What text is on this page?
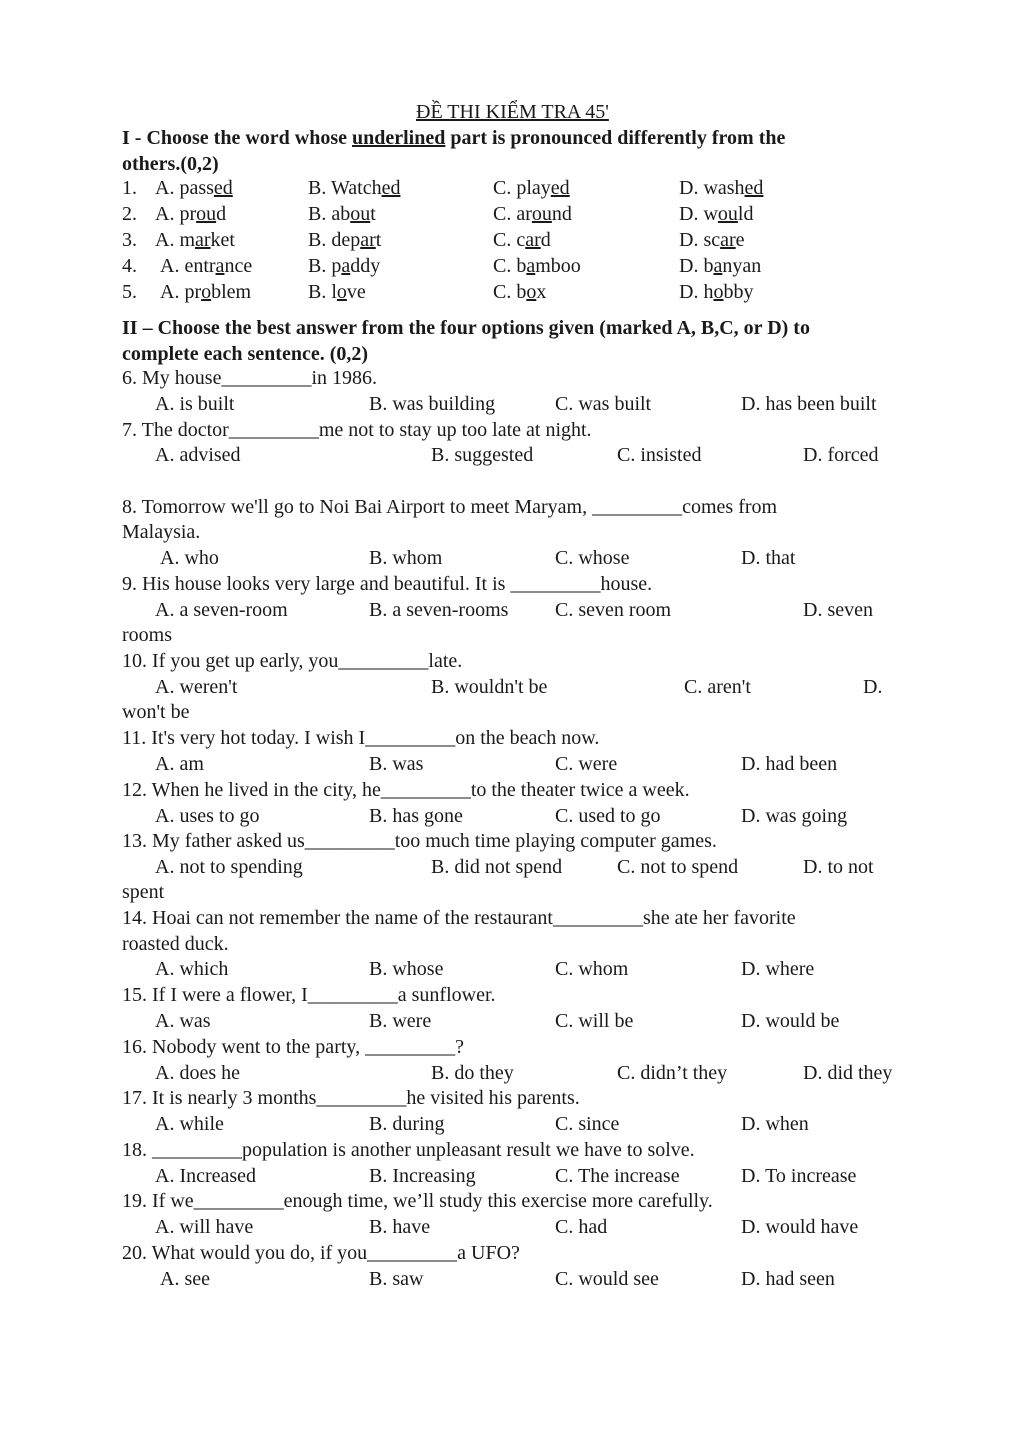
ĐỀ THI KIỂM TRA 45'
I - Choose the word whose underlined part is pronounced differently from the
others.(0,2)
1. A. passed	B. Watched	C. played	D. washed
2. A. proud	B. about	C. around	D. would
3. A. market	B. depart	C. card	D. scare
4. A. entrance	B. paddy	C. bamboo	D. banyan
5. A. problem	B. love	C. box	D. hobby
II – Choose the best answer from the four options given (marked A, B,C, or D) to
complete each sentence. (0,2)
6. My house_________in 1986.
A. is built	B. was building	C. was built	D. has been built
7. The doctor_________me not to stay up too late at night.
A. advised	B. suggested	C. insisted	D. forced
8. Tomorrow we'll go to Noi Bai Airport to meet Maryam, _________comes from
Malaysia.
A. who	B. whom	C. whose	D. that
9. His house looks very large and beautiful. It is _________house.
A. a seven-room	B. a seven-rooms C. seven room	D. seven
rooms
10. If you get up early, you_________late.
A. weren't	B. wouldn't be	C. aren't	D.
won't be
11. It's very hot today. I wish I_________on the beach now.
A. am	B. was	C. were	D. had been
12. When he lived in the city, he_________to the theater twice a week.
A. uses to go	B. has gone	C. used to go	D. was going
13. My father asked us_________too much time playing computer games.
A. not to spending	B. did not spend	C. not to spend	D. to not
spent
14. Hoai can not remember the name of the restaurant_________she ate her favorite
roasted duck.
A. which	B. whose	C. whom	D. where
15. If I were a flower, I_________a sunflower.
A. was	B. were	C. will be	D. would be
16. Nobody went to the party, _________?
A. does he	B. do they	C. didn’t they	D. did they
17. It is nearly 3 months_________he visited his parents.
A. while	B. during	C. since	D. when
18. _________population is another unpleasant result we have to solve.
A. Increased	B. Increasing	C. The increase	D. To increase
19. If we_________enough time, we’ll study this exercise more carefully.
A. will have	B. have	C. had	D. would have
20. What would you do, if you_________a UFO?
A. see	B. saw	C. would see	D. had seen
